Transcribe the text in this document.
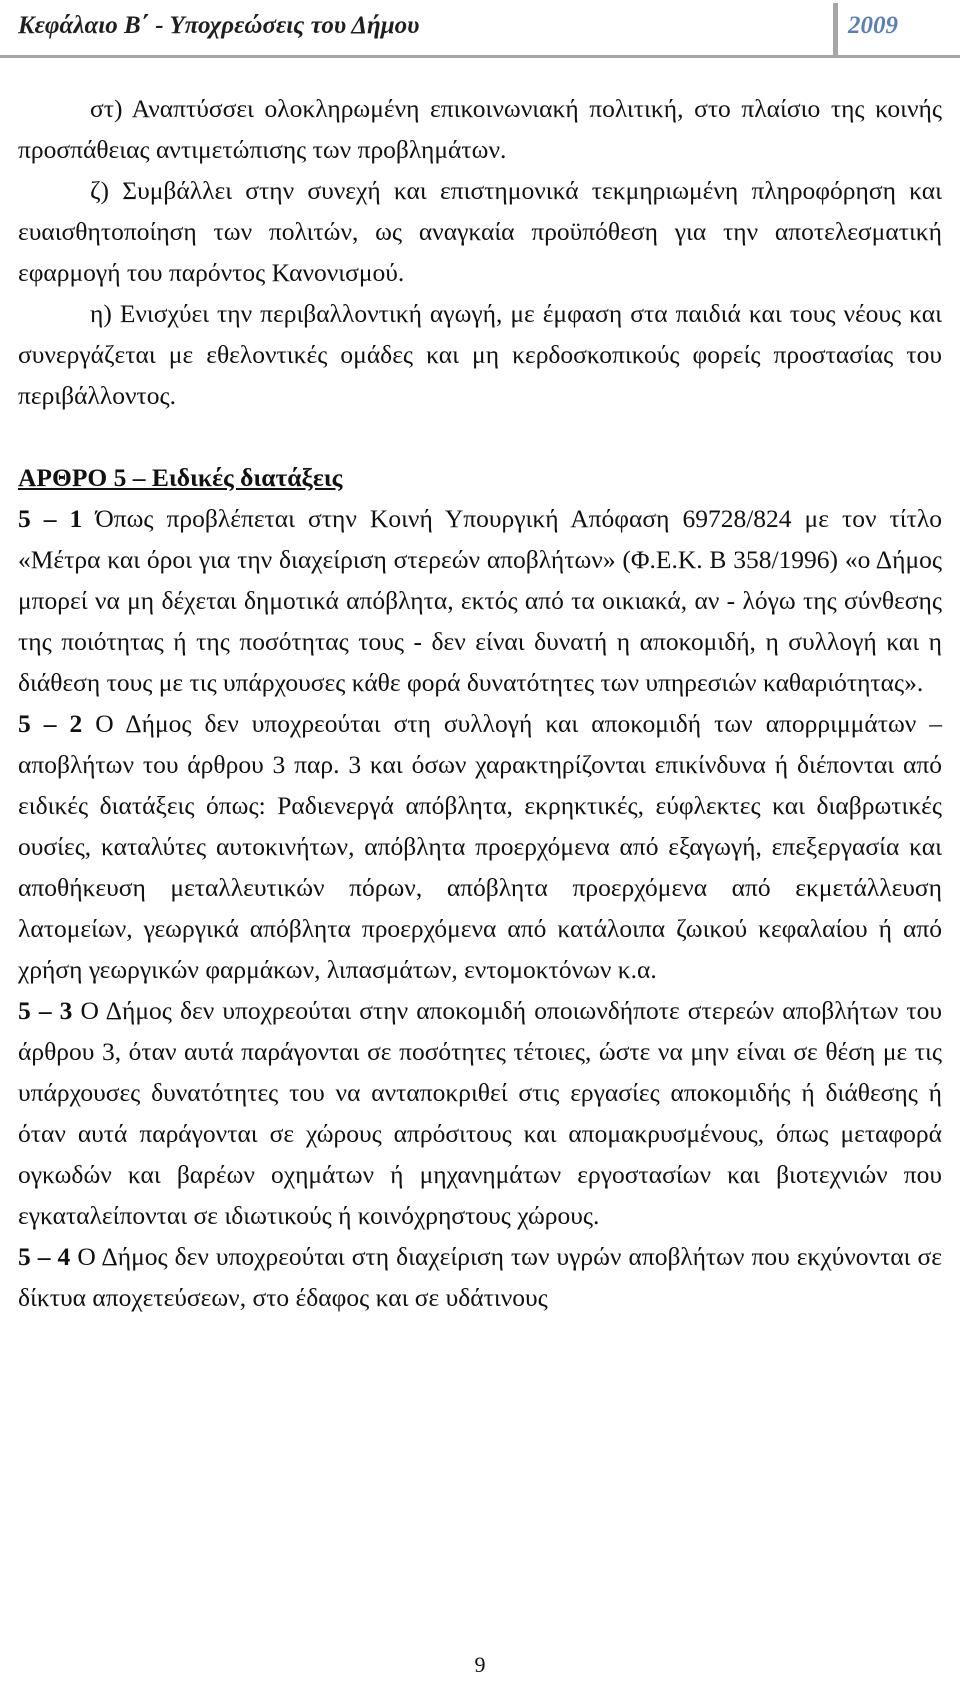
Κεφάλαιο Β΄ - Υποχρεώσεις του Δήμου	2009

στ) Αναπτύσσει ολοκληρωμένη επικοινωνιακή πολιτική, στο πλαίσιο της κοινής προσπάθειας αντιμετώπισης των προβλημάτων.

ζ) Συμβάλλει στην συνεχή και επιστημονικά τεκμηριωμένη πληροφόρηση και ευαισθητοποίηση των πολιτών, ως αναγκαία προϋπόθεση για την αποτελεσματική εφαρμογή του παρόντος Κανονισμού.

η) Ενισχύει την περιβαλλοντική αγωγή, με έμφαση στα παιδιά και τους νέους και συνεργάζεται με εθελοντικές ομάδες και μη κερδοσκοπικούς φορείς προστασίας του περιβάλλοντος.

ΑΡΘΡΟ 5 – Ειδικές διατάξεις

5 – 1 Όπως προβλέπεται στην Κοινή Υπουργική Απόφαση 69728/824 με τον τίτλο «Μέτρα και όροι για την διαχείριση στερεών αποβλήτων» (Φ.Ε.Κ. Β 358/1996) «ο Δήμος μπορεί να μη δέχεται δημοτικά απόβλητα, εκτός από τα οικιακά, αν - λόγω της σύνθεσης της ποιότητας ή της ποσότητας τους - δεν είναι δυνατή η αποκομιδή, η συλλογή και η διάθεση τους με τις υπάρχουσες κάθε φορά δυνατότητες των υπηρεσιών καθαριότητας».

5 – 2 Ο Δήμος δεν υποχρεούται στη συλλογή και αποκομιδή των απορριμμάτων – αποβλήτων του άρθρου 3 παρ. 3 και όσων χαρακτηρίζονται επικίνδυνα ή διέπονται από ειδικές διατάξεις όπως: Ραδιενεργά απόβλητα, εκρηκτικές, εύφλεκτες και διαβρωτικές ουσίες, καταλύτες αυτοκινήτων, απόβλητα προερχόμενα από εξαγωγή, επεξεργασία και αποθήκευση μεταλλευτικών πόρων, απόβλητα προερχόμενα από εκμετάλλευση λατομείων, γεωργικά απόβλητα προερχόμενα από κατάλοιπα ζωικού κεφαλαίου ή από χρήση γεωργικών φαρμάκων, λιπασμάτων, εντομοκτόνων κ.α.

5 – 3 Ο Δήμος δεν υποχρεούται στην αποκομιδή οποιωνδήποτε στερεών αποβλήτων του άρθρου 3, όταν αυτά παράγονται σε ποσότητες τέτοιες, ώστε να μην είναι σε θέση με τις υπάρχουσες δυνατότητες του να ανταποκριθεί στις εργασίες αποκομιδής ή διάθεσης ή όταν αυτά παράγονται σε χώρους απρόσιτους και απομακρυσμένους, όπως μεταφορά ογκωδών και βαρέων οχημάτων ή μηχανημάτων εργοστασίων και βιοτεχνιών που εγκαταλείπονται σε ιδιωτικούς ή κοινόχρηστους χώρους.

5 – 4 Ο Δήμος δεν υποχρεούται στη διαχείριση των υγρών αποβλήτων που εκχύνονται σε δίκτυα αποχετεύσεων, στο έδαφος και σε υδάτινους

9
